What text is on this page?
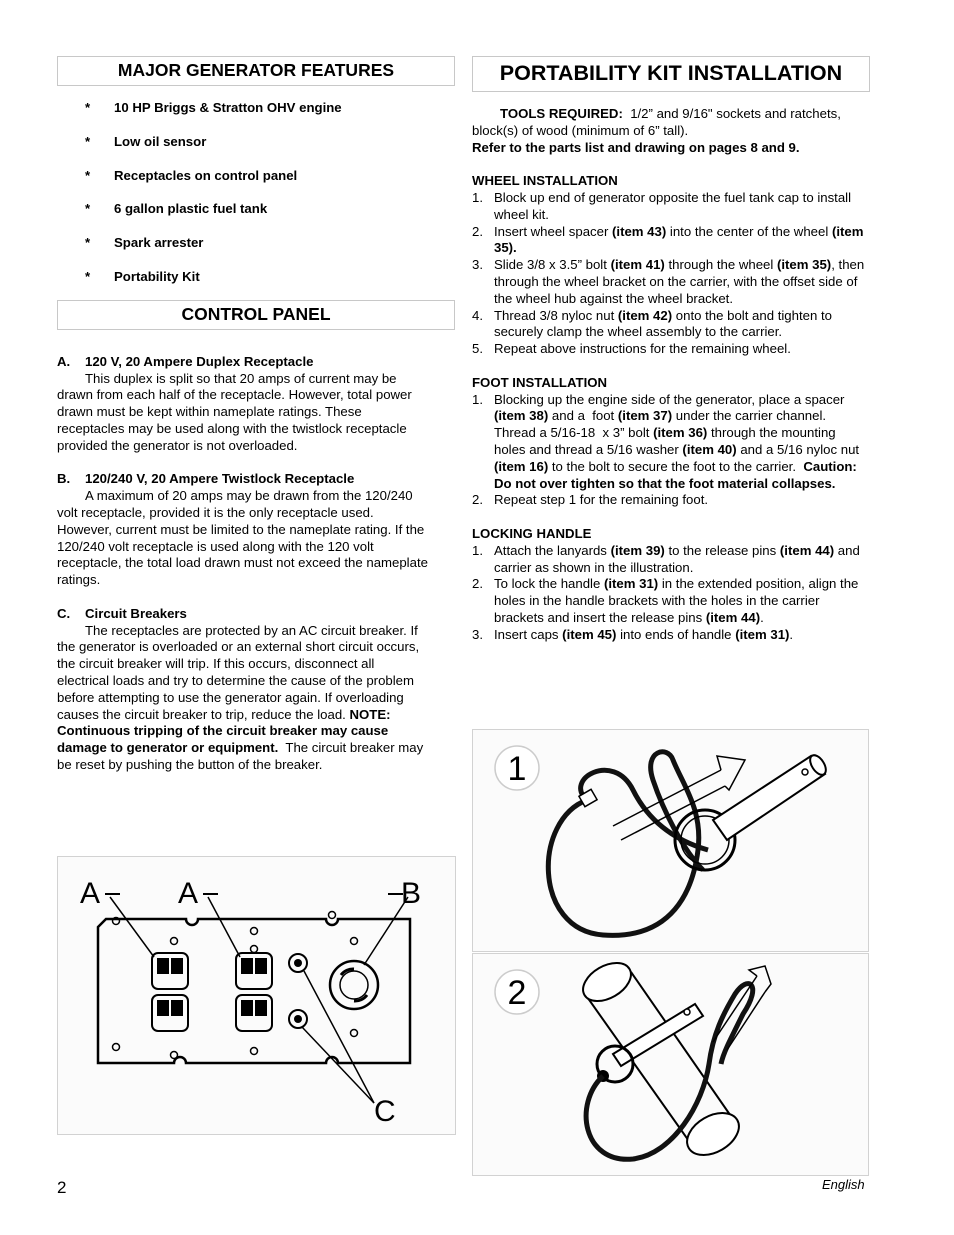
MAJOR GENERATOR FEATURES
* 10 HP Briggs & Stratton OHV engine
* Low oil sensor
* Receptacles on control panel
* 6 gallon plastic fuel tank
* Spark arrester
* Portability Kit
CONTROL PANEL
A. 120 V, 20 Ampere Duplex Receptacle

This duplex is split so that 20 amps of current may be

drawn from each half of the receptacle. However, total power

drawn must be kept within nameplate ratings. These

receptacles may be used along with the twistlock receptacle

provided the generator is not overloaded.

B. 120/240 V, 20 Ampere Twistlock Receptacle

A maximum of 20 amps may be drawn from the 120/240

volt receptacle, provided it is the only receptacle used.

However, current must be limited to the nameplate rating. If the

120/240 volt receptacle is used along with the 120 volt

receptacle, the total load drawn must not exceed the nameplate

ratings.

C. Circuit Breakers

The receptacles are protected by an AC circuit breaker. If

the generator is overloaded or an external short circuit occurs,

the circuit breaker will trip. If this occurs, disconnect all

electrical loads and try to determine the cause of the problem

before attempting to use the generator again. If overloading

causes the circuit breaker to trip, reduce the load. NOTE:

Continuous tripping of the circuit breaker may cause

damage to generator or equipment. The circuit breaker may

be reset by pushing the button of the breaker.

A	A	B
C
PORTABILITY KIT INSTALLATION

TOOLS REQUIRED: 1/2” and 9/16" sockets and ratchets,

block(s) of wood (minimum of 6” tall).

Refer to the parts list and drawing on pages 8 and 9.

WHEEL INSTALLATION
1. Block up end of generator opposite the fuel tank cap to install wheel kit.
2. Insert wheel spacer (item 43) into the center of the wheel (item 35).
3. Slide 3/8 x 3.5” bolt (item 41) through the wheel (item 35), then through the wheel bracket on the carrier, with the offset side of the wheel hub against the wheel bracket.
4. Thread 3/8 nyloc nut (item 42) onto the bolt and tighten to securely clamp the wheel assembly to the carrier.
5. Repeat above instructions for the remaining wheel.
FOOT INSTALLATION
1. Blocking up the engine side of the generator, place a spacer (item 38) and a  foot (item 37) under the carrier channel.  Thread a 5/16-18  x 3” bolt (item 36) through the mounting holes and thread a 5/16 washer (item 40) and a 5/16 nyloc nut (item 16) to the bolt to secure the foot to the carrier.  Caution: Do not over tighten so that the foot material collapses.
2. Repeat step 1 for the remaining foot.
LOCKING HANDLE
1. Attach the lanyards (item 39) to the release pins (item 44) and carrier as shown in the illustration.
2. To lock the handle (item 31) in the extended position, align the holes in the handle brackets with the holes in the carrier brackets and insert the release pins (item 44).
3. Insert caps (item 45) into ends of handle (item 31).
1
2
2	English
